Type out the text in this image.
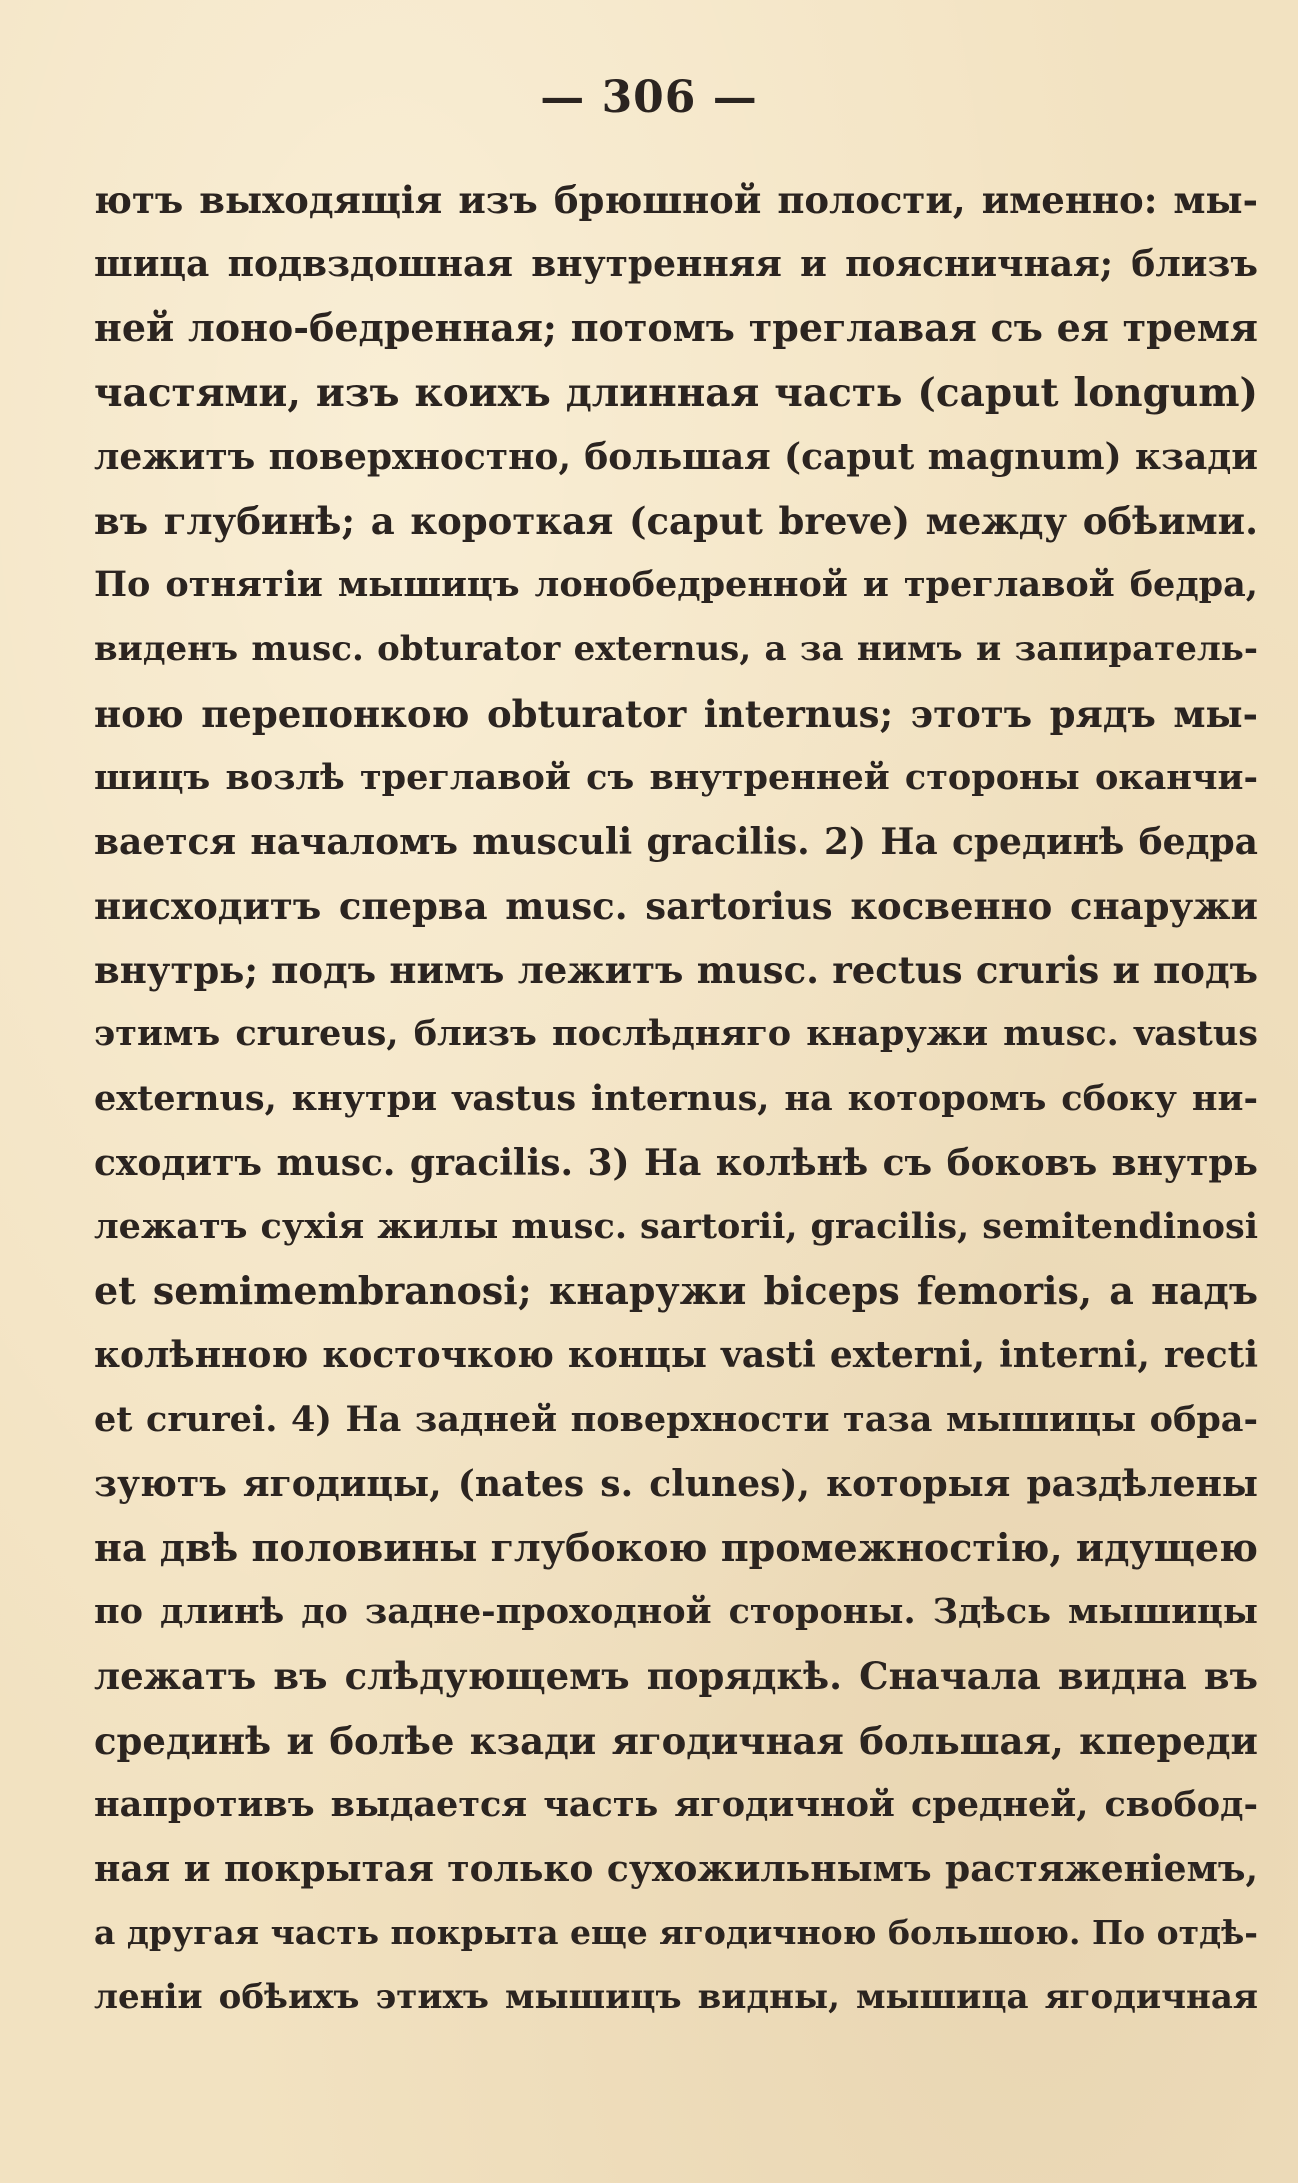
— 306 —
ютъ выходящія изъ брюшной полости, именно: мы-
шица подвздошная внутренняя и поясничная; близъ
ней лоно-бедренная; потомъ треглавая съ ея тремя
частями, изъ коихъ длинная часть (caput longum)
лежитъ поверхностно, большая (caput magnum) кзади
въ глубинѣ; а короткая (caput breve) между обѣими.
По отнятіи мышицъ лонобедренной и треглавой бедра,
виденъ musc. obturator externus, а за нимъ и запиратель-
ною перепонкою obturator internus; этотъ рядъ мы-
шицъ возлѣ треглавой съ внутренней стороны оканчи-
вается началомъ musculi gracilis. 2) На срединѣ бедра
нисходитъ сперва musc. sartorius косвенно снаружи
внутрь; подъ нимъ лежитъ musc. rectus cruris и подъ
этимъ crureus, близъ послѣдняго кнаружи musc. vastus
externus, кнутри vastus internus, на которомъ сбоку ни-
сходитъ musc. gracilis. 3) На колѣнѣ съ боковъ внутрь
лежатъ сухія жилы musc. sartorii, gracilis, semitendinosi
et semimembranosi; кнаружи biceps femoris, а надъ
колѣнною косточкою концы vasti externi, interni, recti
et crurei. 4) На задней поверхности таза мышицы обра-
зуютъ ягодицы, (nates s. clunes), которыя раздѣлены
на двѣ половины глубокою промежностію, идущею
по длинѣ до задне-проходной стороны. Здѣсь мышицы
лежатъ въ слѣдующемъ порядкѣ. Сначала видна въ
срединѣ и болѣе кзади ягодичная большая, кпереди
напротивъ выдается часть ягодичной средней, свобод-
ная и покрытая только сухожильнымъ растяженіемъ,
а другая часть покрыта еще ягодичною большою. По отдѣ-
леніи обѣихъ этихъ мышицъ видны, мышица ягодичная
